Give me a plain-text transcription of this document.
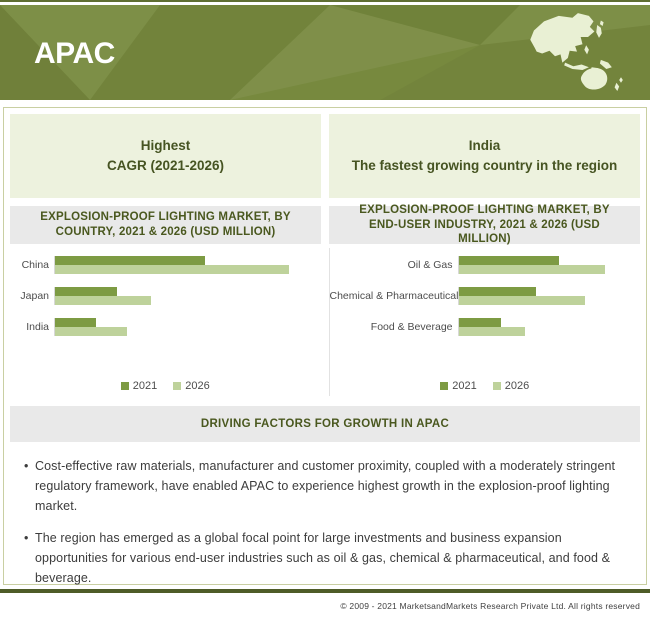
APAC
Highest
CAGR (2021-2026)
India
The fastest growing country in the region
EXPLOSION-PROOF LIGHTING MARKET, BY COUNTRY, 2021 & 2026 (USD MILLION)
EXPLOSION-PROOF LIGHTING MARKET, BY END-USER INDUSTRY, 2021 & 2026 (USD MILLION)
China
Japan
India
2021	2026
Oil & Gas
Chemical & Pharmaceutical
Food & Beverage
2021	2026
DRIVING FACTORS FOR GROWTH IN APAC
• Cost-effective raw materials, manufacturer and customer proximity, coupled with a moderately stringent regulatory framework, have enabled APAC to experience highest growth in the explosion-proof lighting market.
• The region has emerged as a global focal point for large investments and business expansion opportunities for various end-user industries such as oil & gas, chemical & pharmaceutical, and food & beverage.
© 2009 - 2021 MarketsandMarkets Research Private Ltd. All rights reserved
